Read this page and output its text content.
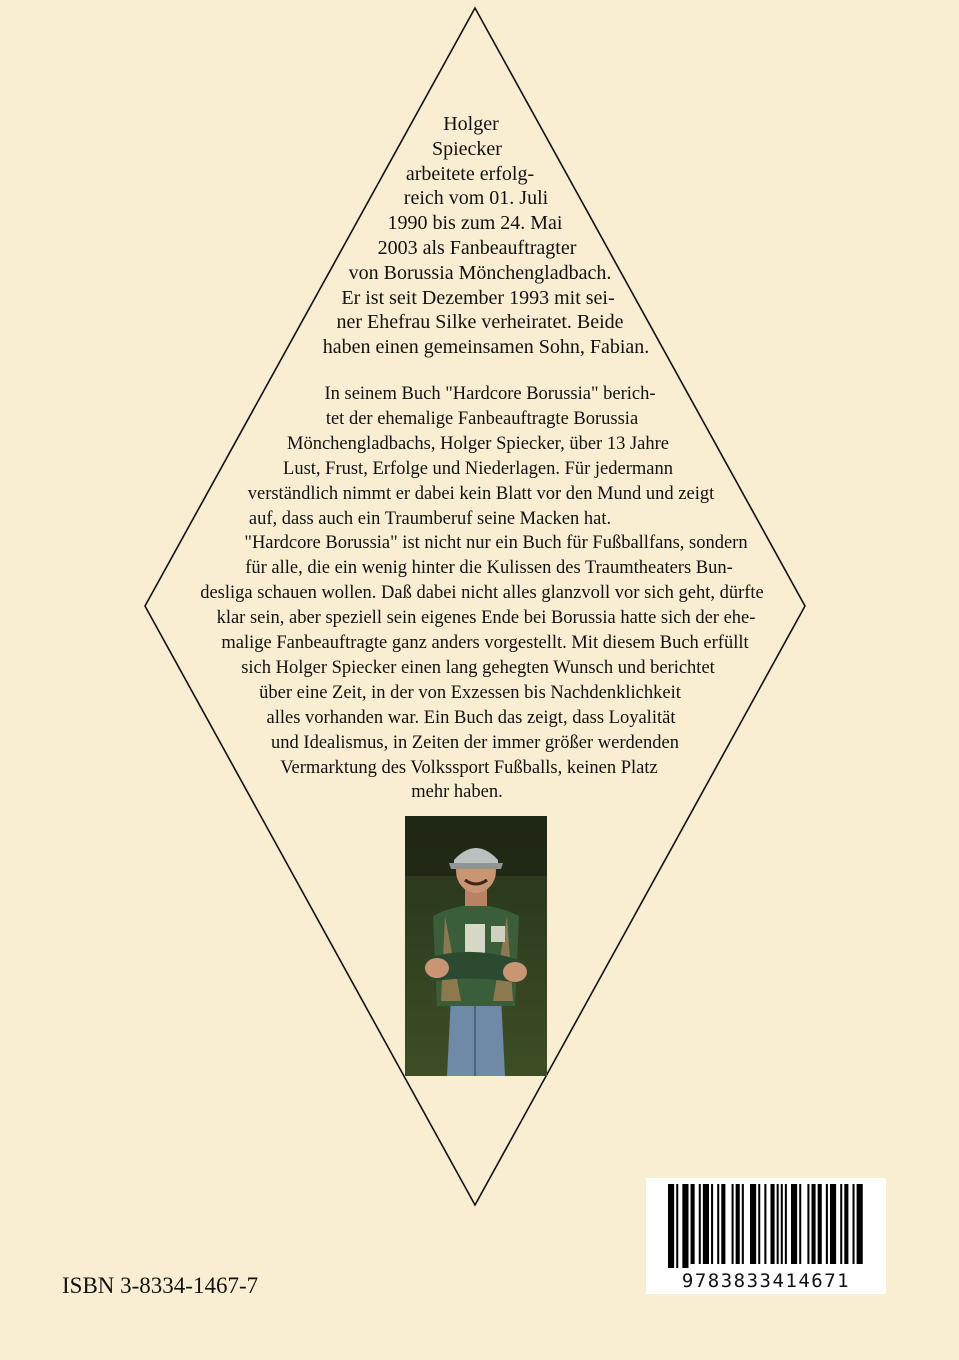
Holger
Spiecker
arbeitete erfolg-
reich vom 01. Juli
1990 bis zum 24. Mai
2003 als Fanbeauftragter
von Borussia Mönchengladbach.
Er ist seit Dezember 1993 mit sei-
ner Ehefrau Silke verheiratet. Beide
haben einen gemeinsamen Sohn, Fabian.
In seinem Buch "Hardcore Borussia" berich-
tet der ehemalige Fanbeauftragte Borussia
Mönchengladbachs, Holger Spiecker, über 13 Jahre
Lust, Frust, Erfolge und Niederlagen. Für jedermann
verständlich nimmt er dabei kein Blatt vor den Mund und zeigt
auf, dass auch ein Traumberuf seine Macken hat.
"Hardcore Borussia" ist nicht nur ein Buch für Fußballfans, sondern
für alle, die ein wenig hinter die Kulissen des Traumtheaters Bun-
desliga schauen wollen. Daß dabei nicht alles glanzvoll vor sich geht, dürfte
klar sein, aber speziell sein eigenes Ende bei Borussia hatte sich der ehe-
malige Fanbeauftragte ganz anders vorgestellt. Mit diesem Buch erfüllt
sich Holger Spiecker einen lang gehegten Wunsch und berichtet
über eine Zeit, in der von Exzessen bis Nachdenklichkeit
alles vorhanden war. Ein Buch das zeigt, dass Loyalität
und Idealismus, in Zeiten der immer größer werdenden
Vermarktung des Volkssport Fußballs, keinen Platz
mehr haben.
ISBN 3-8334-1467-7	9783833414671
